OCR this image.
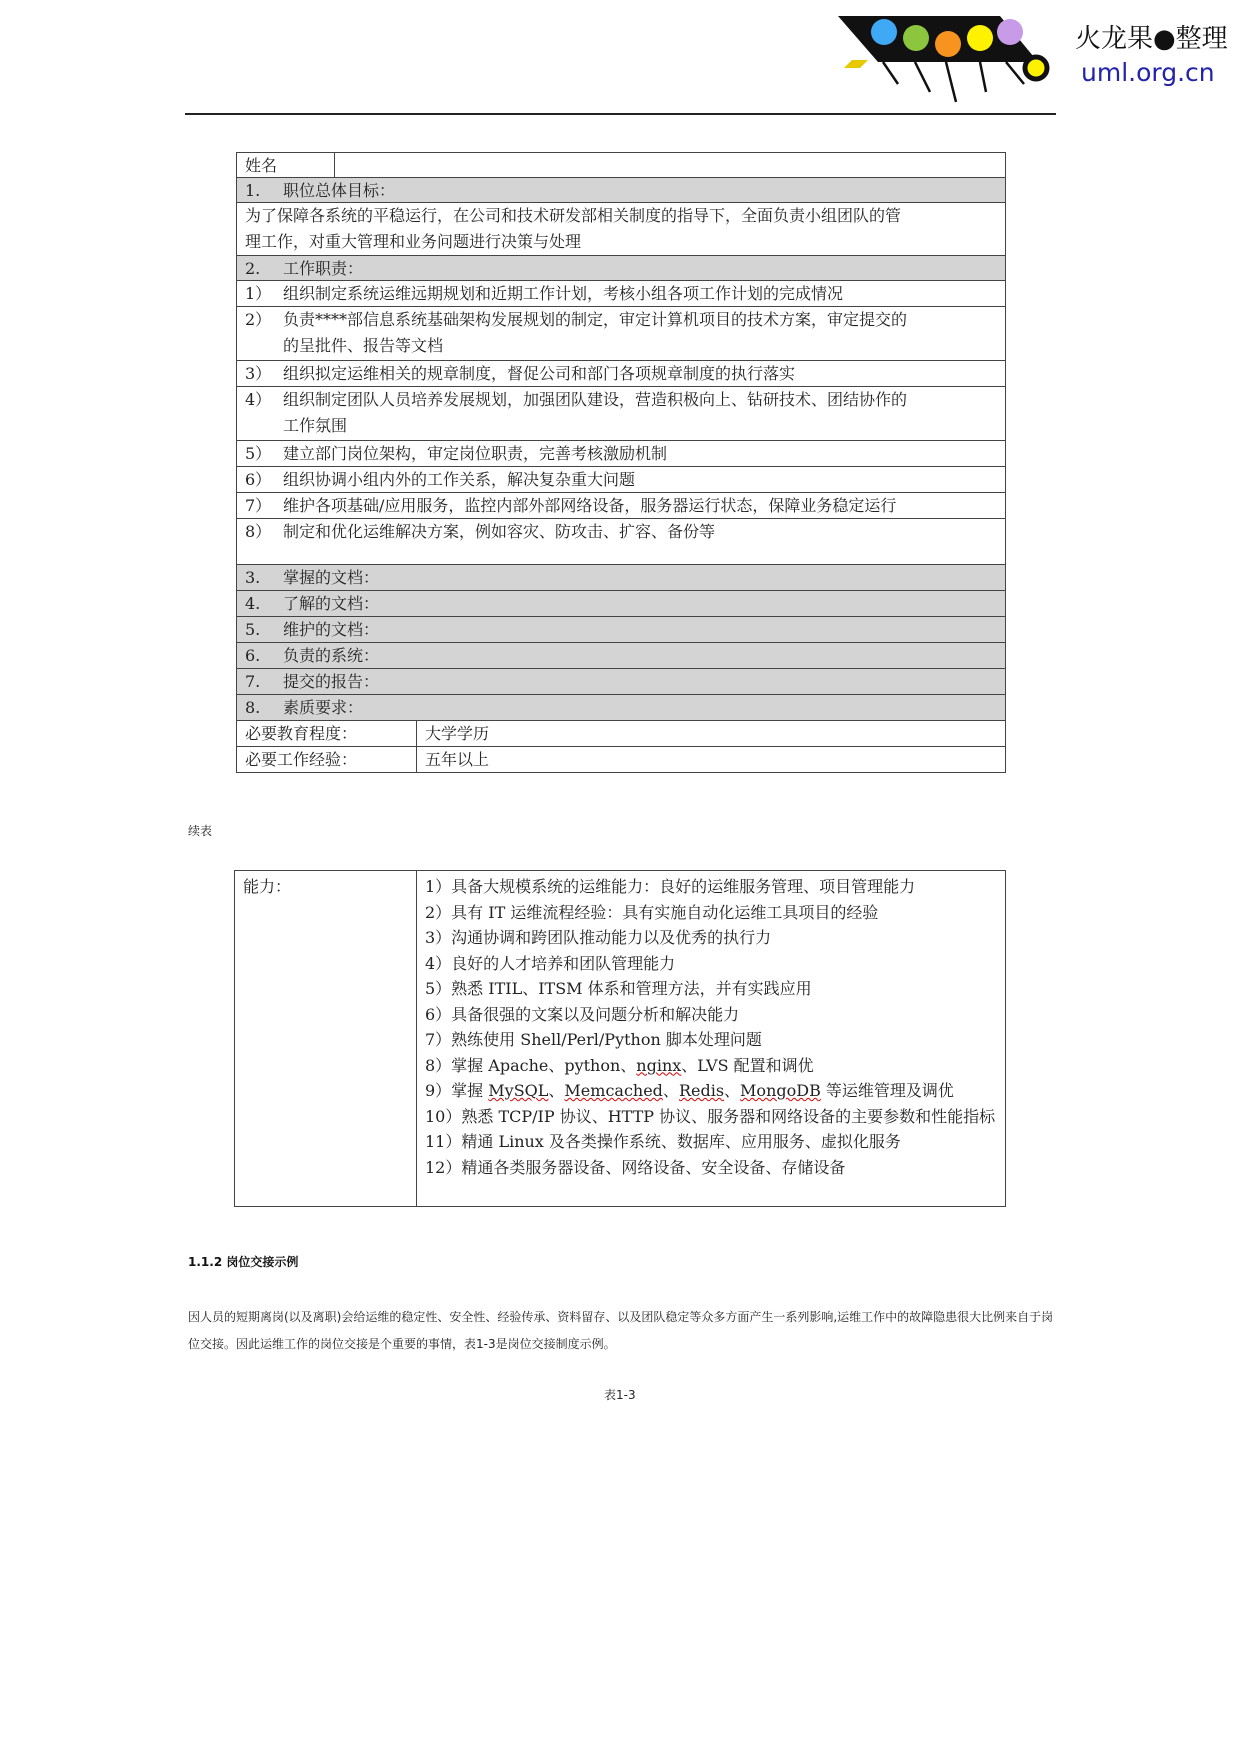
火龙果●整理
uml.org.cn
姓名		
1. 职位总体目标：		

为了保障各系统的平稳运行，在公司和技术研发部相关制度的指导下，全面负责小组团队的管
理工作，对重大管理和业务问题进行决策与处理		

2. 工作职责：		
1） 组织制定系统运维远期规划和近期工作计划，考核小组各项工作计划的完成情况		

2） 负责****部信息系统基础架构发展规划的制定，审定计算机项目的技术方案，审定提交的
的呈批件、报告等文档		

3） 组织拟定运维相关的规章制度，督促公司和部门各项规章制度的执行落实		

4） 组织制定团队人员培养发展规划，加强团队建设，营造积极向上、钻研技术、团结协作的
工作氛围		

5） 建立部门岗位架构，审定岗位职责，完善考核激励机制		
6） 组织协调小组内外的工作关系，解决复杂重大问题		
7） 维护各项基础/应用服务，监控内部外部网络设备，服务器运行状态，保障业务稳定运行		
8） 制定和优化运维解决方案，例如容灾、防攻击、扩容、备份等		
3. 掌握的文档：		
4. 了解的文档：		
5. 维护的文档：		
6. 负责的系统：		
7. 提交的报告：		
8. 素质要求：		
必要教育程度：		大学学历
必要工作经验：		五年以上
续表
能力：	1）具备大规模系统的运维能力：良好的运维服务管理、项目管理能力
2）具有 IT 运维流程经验：具有实施自动化运维工具项目的经验
3）沟通协调和跨团队推动能力以及优秀的执行力
4）良好的人才培养和团队管理能力
5）熟悉 ITIL、ITSM 体系和管理方法，并有实践应用
6）具备很强的文案以及问题分析和解决能力
7）熟练使用 Shell/Perl/Python 脚本处理问题
8）掌握 Apache、python、nginx、LVS 配置和调优
9）掌握 MySQL、Memcached、Redis、MongoDB 等运维管理及调优
10）熟悉 TCP/IP 协议、HTTP 协议、服务器和网络设备的主要参数和性能指标
11）精通 Linux 及各类操作系统、数据库、应用服务、虚拟化服务
12）精通各类服务器设备、网络设备、安全设备、存储设备
1.1.2 岗位交接示例
因人员的短期离岗(以及离职)会给运维的稳定性、安全性、经验传承、资料留存、以及团队稳定等众多方面产生一系列影响,运维工作中的故障隐患很大比例来自于岗位交接。因此运维工作的岗位交接是个重要的事情，表1-3是岗位交接制度示例。
表1-3
